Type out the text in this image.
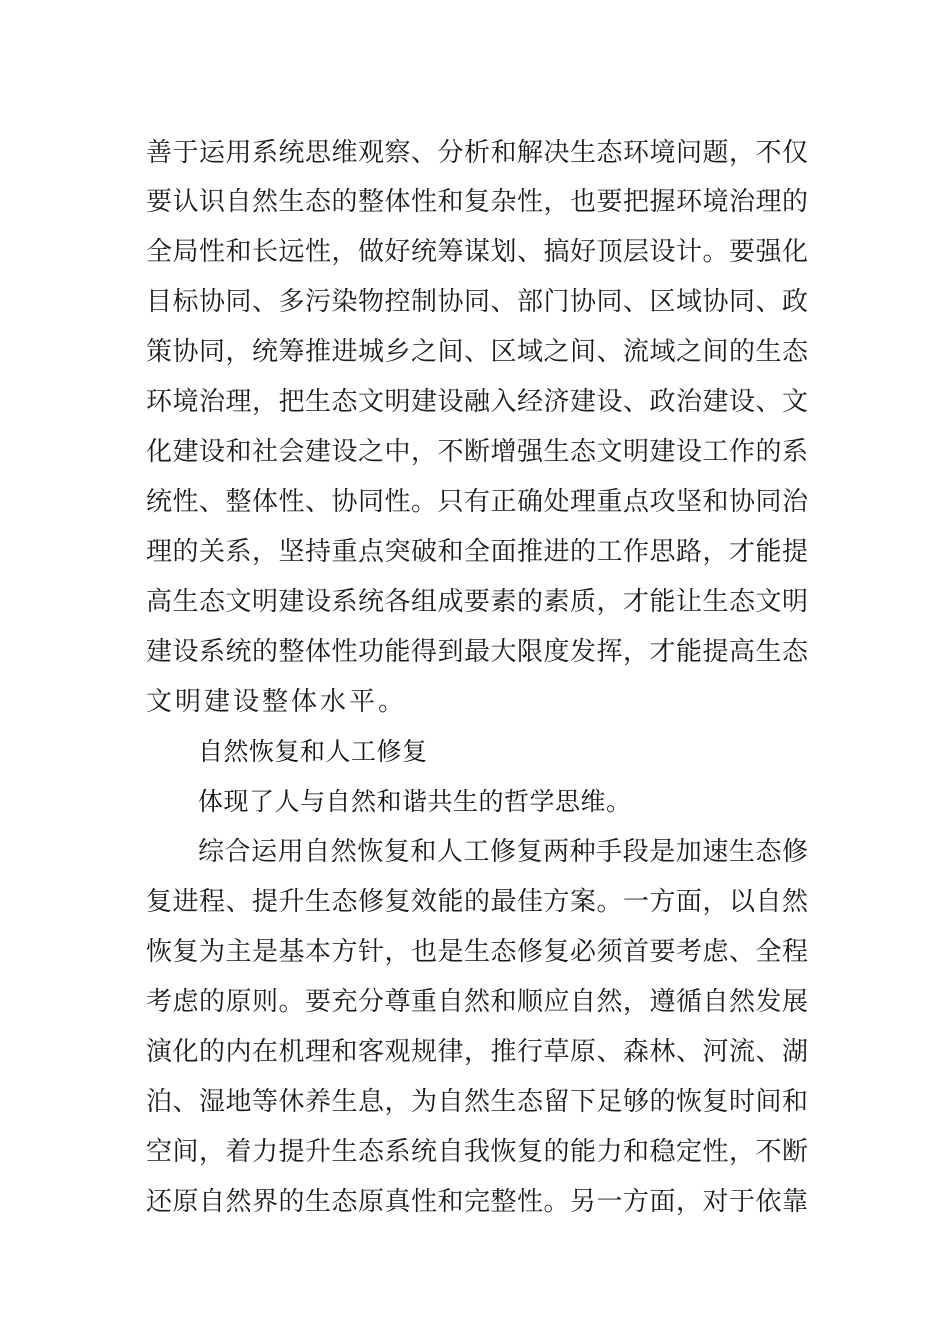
善于运用系统思维观察、分析和解决生态环境问题，不仅
要认识自然生态的整体性和复杂性，也要把握环境治理的
全局性和长远性，做好统筹谋划、搞好顶层设计。要强化
目标协同、多污染物控制协同、部门协同、区域协同、政
策协同，统筹推进城乡之间、区域之间、流域之间的生态
环境治理，把生态文明建设融入经济建设、政治建设、文
化建设和社会建设之中，不断增强生态文明建设工作的系
统性、整体性、协同性。只有正确处理重点攻坚和协同治
理的关系，坚持重点突破和全面推进的工作思路，才能提
高生态文明建设系统各组成要素的素质，才能让生态文明
建设系统的整体性功能得到最大限度发挥，才能提高生态
文明建设整体水平。
自然恢复和人工修复
体现了人与自然和谐共生的哲学思维。
综合运用自然恢复和人工修复两种手段是加速生态修
复进程、提升生态修复效能的最佳方案。一方面，以自然
恢复为主是基本方针，也是生态修复必须首要考虑、全程
考虑的原则。要充分尊重自然和顺应自然，遵循自然发展
演化的内在机理和客观规律，推行草原、森林、河流、湖
泊、湿地等休养生息，为自然生态留下足够的恢复时间和
空间，着力提升生态系统自我恢复的能力和稳定性，不断
还原自然界的生态原真性和完整性。另一方面，对于依靠
